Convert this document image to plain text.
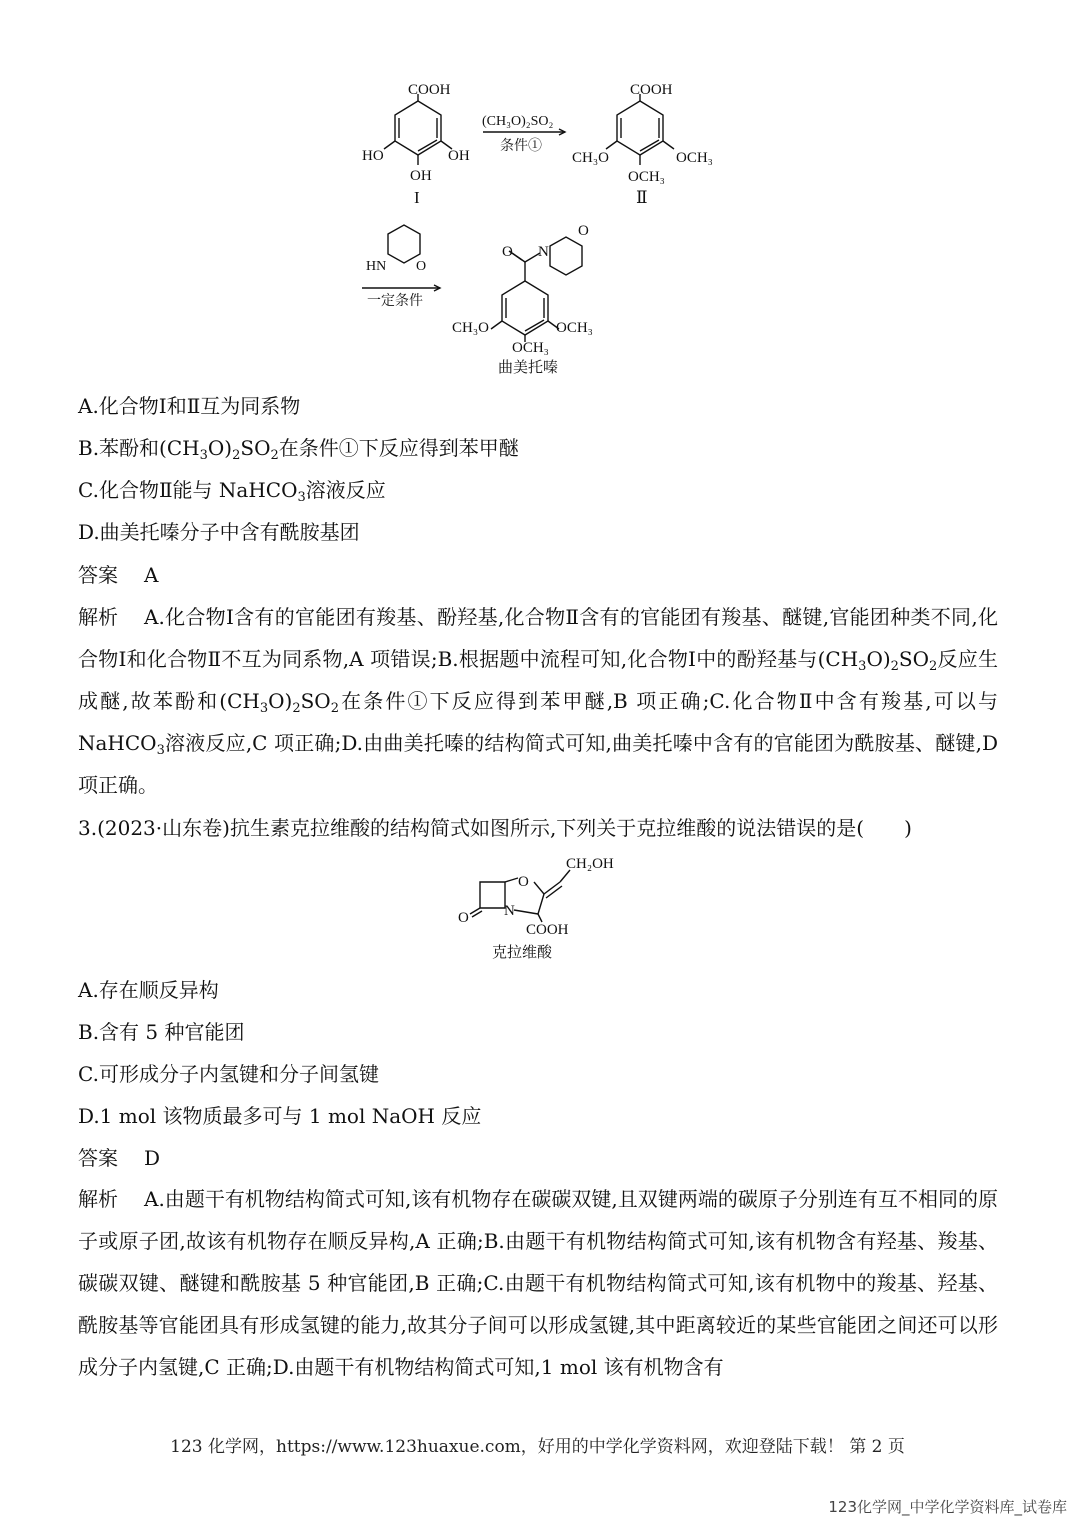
COOH
HO	OH
OH
I
(CH₃O)₂SO₂
条件①
COOH
CH₃O	OCH₃
OCH₃
Ⅱ
HN O
一定条件
O N
O
CH₃O	OCH₃
OCH₃
曲美托嗪
A.化合物Ⅰ和Ⅱ互为同系物
B.苯酚和$(CH_3O)_2SO_2$在条件①下反应得到苯甲醚
C.化合物Ⅱ能与 NaHCO$_3$溶液反应
D.曲美托嗪分子中含有酰胺基团
答案 A
解析 A.化合物Ⅰ含有的官能团有羧基、酚羟基,化合物Ⅱ含有的官能团有羧基、醚键,官能团种类不同,化合物Ⅰ和化合物Ⅱ不互为同系物,A 项错误;B.根据题中流程可知,化合物Ⅰ中的酚羟基与$(CH_3O)_2SO_2$反应生成醚,故苯酚和$(CH_3O)_2SO_2$在条件①下反应得到苯甲醚,B 项正确;C.化合物Ⅱ中含有羧基,可以与 NaHCO$_3$溶液反应,C 项正确;D.由曲美托嗪的结构简式可知,曲美托嗪中含有的官能团为酰胺基、醚键,D 项正确。
3.(2023·山东卷)抗生素克拉维酸的结构简式如图所示,下列关于克拉维酸的说法错误的是(　　)
CH₂OH
O
N
O
COOH
克拉维酸
A.存在顺反异构
B.含有 5 种官能团
C.可形成分子内氢键和分子间氢键
D.1 mol 该物质最多可与 1 mol NaOH 反应
答案 D
解析 A.由题干有机物结构简式可知,该有机物存在碳碳双键,且双键两端的碳原子分别连有互不相同的原子或原子团,故该有机物存在顺反异构,A 正确;B.由题干有机物结构简式可知,该有机物含有羟基、羧基、碳碳双键、醚键和酰胺基 5 种官能团,B 正确;C.由题干有机物结构简式可知,该有机物中的羧基、羟基、酰胺基等官能团具有形成氢键的能力,故其分子间可以形成氢键,其中距离较近的某些官能团之间还可以形成分子内氢键,C 正确;D.由题干有机物结构简式可知,1 mol 该有机物含有
123 化学网，https://www.123huaxue.com，好用的中学化学资料网，欢迎登陆下载！ 第 2 页
123化学网_中学化学资料库_试卷库
